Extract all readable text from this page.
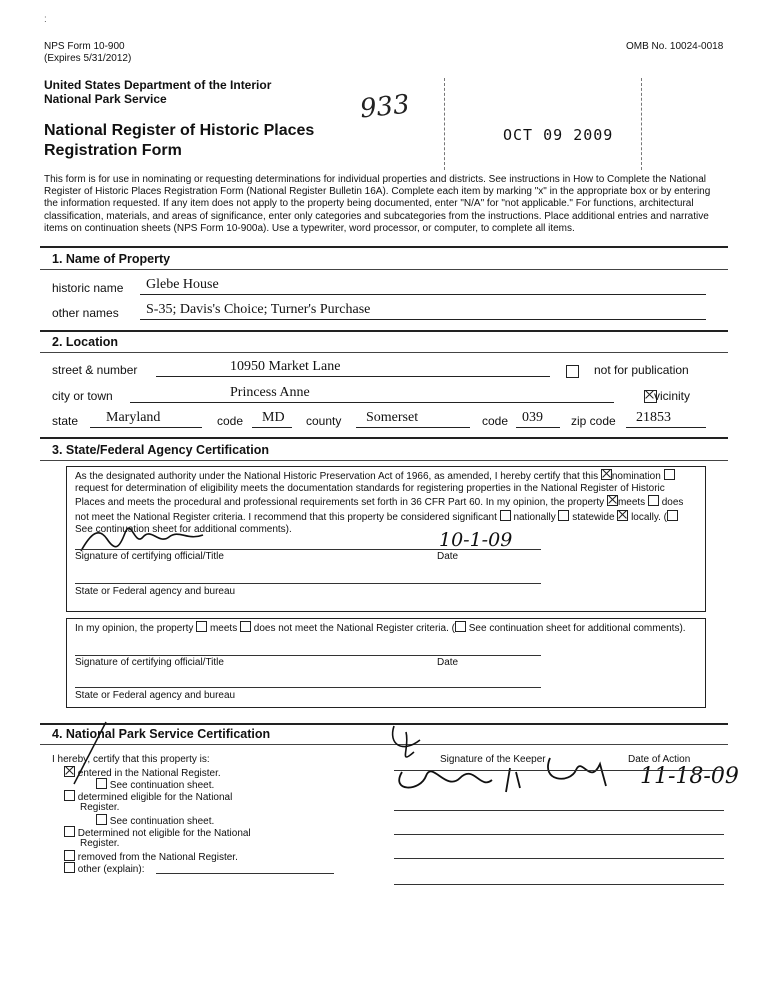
:
NPS Form 10-900
(Expires 5/31/2012)
OMB No. 10024-0018
United States Department of the Interior
National Park Service
National Register of Historic Places
Registration Form
933
OCT 09 2009
This form is for use in nominating or requesting determinations for individual properties and districts. See instructions in How to Complete the National
Register of Historic Places Registration Form (National Register Bulletin 16A). Complete each item by marking "x" in the appropriate box or by entering
the information requested. If any item does not apply to the property being documented, enter "N/A" for "not applicable." For functions, architectural
classification, materials, and areas of significance, enter only categories and subcategories from the instructions. Place additional entries and narrative
items on continuation sheets (NPS Form 10-900a). Use a typewriter, word processor, or computer, to complete all items.
1. Name of Property
historic name Glebe House
other names S-35; Davis's Choice; Turner's Purchase
2. Location
street & number	10950 Market Lane
	not for publication
city or town	Princess Anne	vicinity
state Maryland	code MD county Somerset	code 039 zip code 21853
3. State/Federal Agency Certification
As the designated authority under the National Historic Preservation Act of 1966, as amended, I hereby certify that this nomination
request for determination of eligibility meets the documentation standards for registering properties in the National Register of Historic
Places and meets the procedural and professional requirements set forth in 36 CFR Part 60. In my opinion, the property meets does
not meet the National Register criteria. I recommend that this property be considered significant nationally statewide locally. (
See continuation sheet for additional comments).	10-1-09
Signature of certifying official/Title	Date
State or Federal agency and bureau
In my opinion, the property meets does not meet the National Register criteria. ( See continuation sheet for additional comments).
Signature of certifying official/Title	Date
State or Federal agency and bureau
4. National Park Service Certification
I hereby, certify that this property is:
entered in the National Register.
See continuation sheet.
determined eligible for the National
Register.
See continuation sheet.
Determined not eligible for the National
Register.
removed from the National Register.
other (explain):
Signature of the Keeper	Date of Action
11-18-09
